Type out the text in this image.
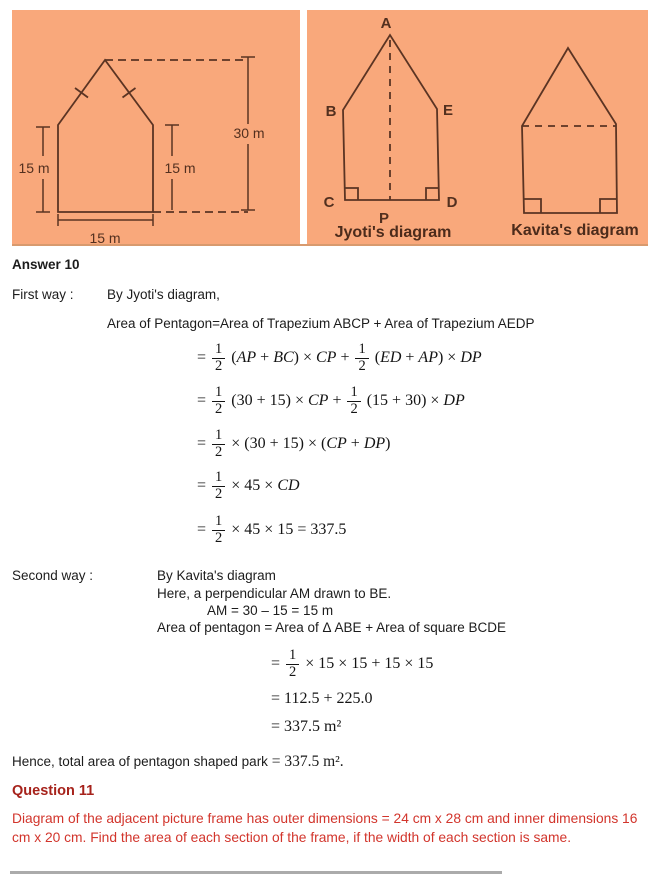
15 m	15 m
30 m
15 m
A
B	E
C	D
P
Jyoti's diagram	Kavita's diagram
Answer 10
First way : By Jyoti's diagram,
Area of Pentagon=Area of Trapezium ABCP + Area of Trapezium AEDP
= $\frac{1}{2} (AP + BC)$ × CP + $\frac{1}{2} (ED + AP)$ × DP
= $\frac{1}{2} (30 + 15)$ × CP + $\frac{1}{2} (15 + 30)$ × DP
= $\frac{1}{2} \times (30 + 15) \times (CP + DP)$
= $\frac{1}{2} \times 45$ × CD
= $\frac{1}{2} \times 45 \times 15 = 337.5$
Second way :	By Kavita's diagram
Here, a perpendicular AM drawn to BE.
AM = 30 – 15 = 15 m
Area of pentagon = Area of Δ ABE + Area of square BCDE
= $\frac{1}{2} \times 15 \times 15 + 15 \times 15$
= 112.5 + 225.0
= 337.5 m²
Hence, total area of pentagon shaped park = 337.5 m².
Question 11
Diagram of the adjacent picture frame has outer dimensions = 24 cm x 28 cm and inner dimensions 16 cm x 20 cm. Find the area of each section of the frame, if the width of each section is same.
